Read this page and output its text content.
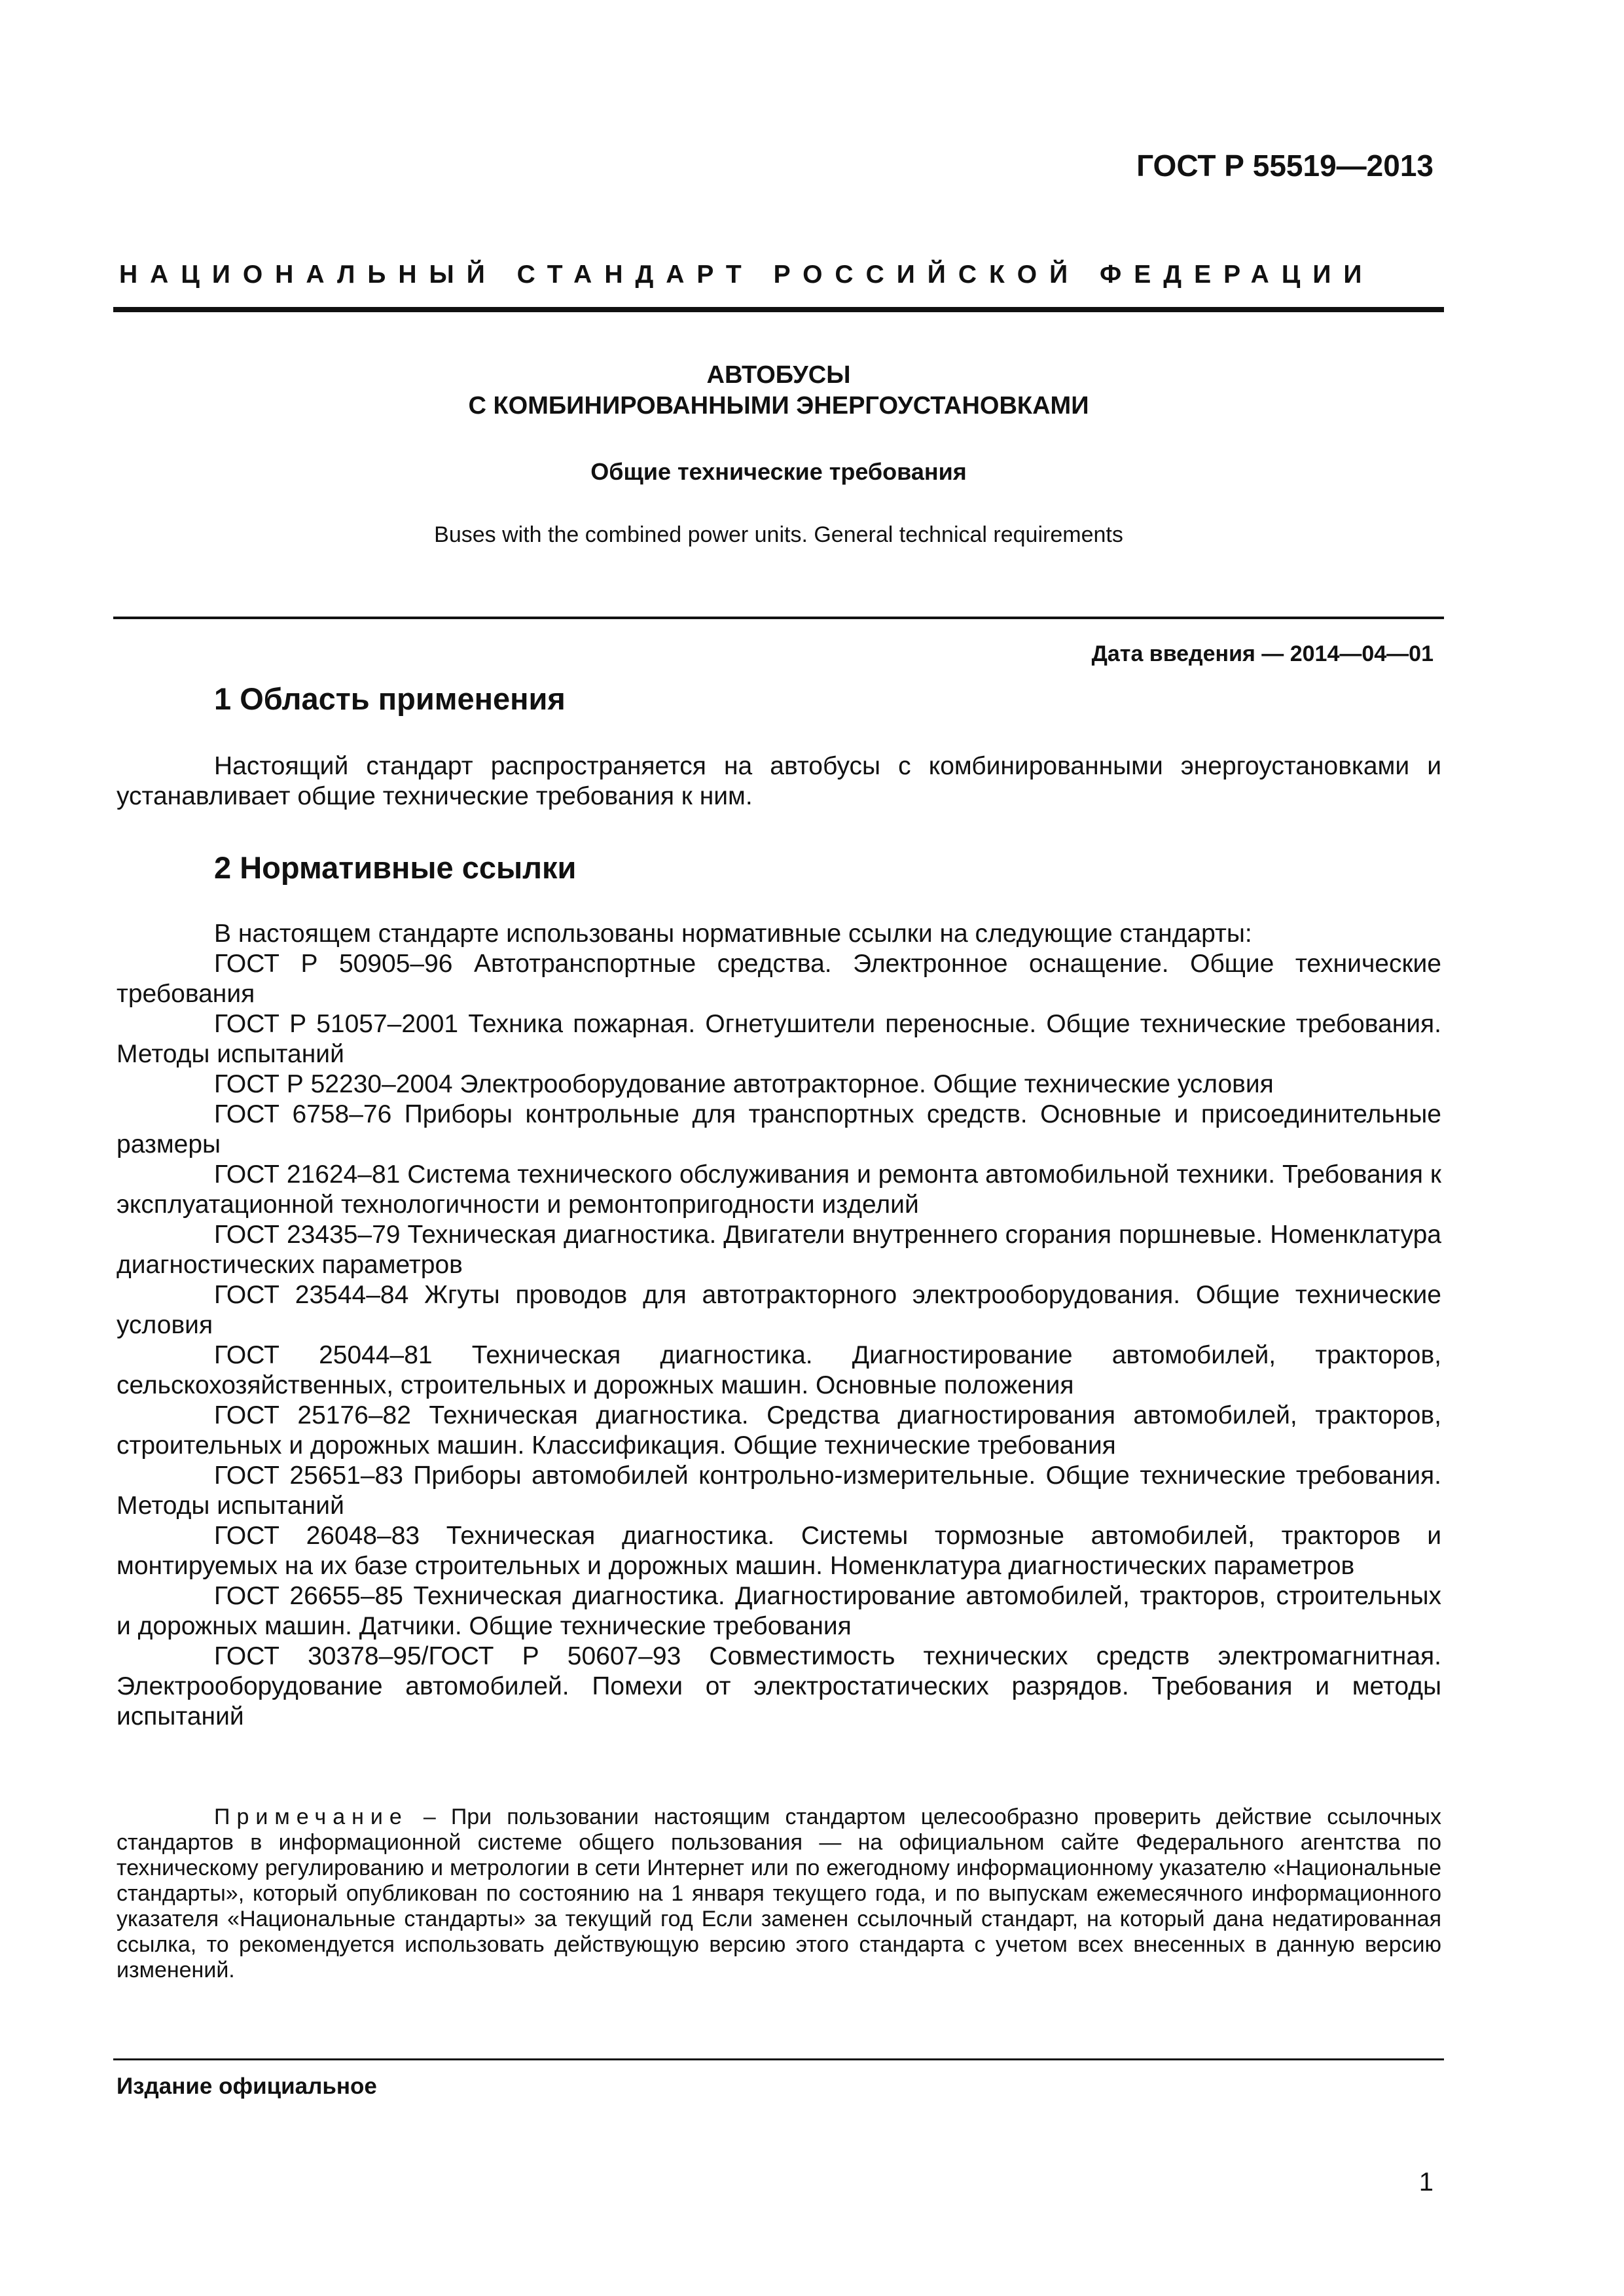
ГОСТ Р 55519—2013
НАЦИОНАЛЬНЫЙ СТАНДАРТ РОССИЙСКОЙ ФЕДЕРАЦИИ
АВТОБУСЫ
С КОМБИНИРОВАННЫМИ ЭНЕРГОУСТАНОВКАМИ
Общие технические требования
Buses with the combined power units. General technical requirements
Дата введения — 2014—04—01
1 Область применения

Настоящий стандарт распространяется на автобусы с комбинированными энергоустановками и устанавливает общие технические требования к ним.

2 Нормативные ссылки

В настоящем стандарте использованы нормативные ссылки на следующие стандарты:

ГОСТ Р 50905–96 Автотранспортные средства. Электронное оснащение. Общие технические требования

ГОСТ Р 51057–2001 Техника пожарная. Огнетушители переносные. Общие технические требования. Методы испытаний

ГОСТ Р 52230–2004 Электрооборудование автотракторное. Общие технические условия

ГОСТ 6758–76 Приборы контрольные для транспортных средств. Основные и присоединительные размеры

ГОСТ 21624–81 Система технического обслуживания и ремонта автомобильной техники. Требования к эксплуатационной технологичности и ремонтопригодности изделий

ГОСТ 23435–79 Техническая диагностика. Двигатели внутреннего сгорания поршневые. Номенклатура диагностических параметров

ГОСТ 23544–84 Жгуты проводов для автотракторного электрооборудования. Общие технические условия

ГОСТ 25044–81 Техническая диагностика. Диагностирование автомобилей, тракторов, сельскохозяйственных, строительных и дорожных машин. Основные положения

ГОСТ 25176–82 Техническая диагностика. Средства диагностирования автомобилей, тракторов, строительных и дорожных машин. Классификация. Общие технические требования

ГОСТ 25651–83 Приборы автомобилей контрольно-измерительные. Общие технические требования. Методы испытаний

ГОСТ 26048–83 Техническая диагностика. Системы тормозные автомобилей, тракторов и монтируемых на их базе строительных и дорожных машин. Номенклатура диагностических параметров

ГОСТ 26655–85 Техническая диагностика. Диагностирование автомобилей, тракторов, строительных и дорожных машин. Датчики. Общие технические требования

ГОСТ 30378–95/ГОСТ Р 50607–93 Совместимость технических средств электромагнитная. Электрооборудование автомобилей. Помехи от электростатических разрядов. Требования и методы испытаний

Примечание – При пользовании настоящим стандартом целесообразно проверить действие ссылочных стандартов в информационной системе общего пользования — на официальном сайте Федерального агентства по техническому регулированию и метрологии в сети Интернет или по ежегодному информационному указателю «Национальные стандарты», который опубликован по состоянию на 1 января текущего года, и по выпускам ежемесячного информационного указателя «Национальные стандарты» за текущий год Если заменен ссылочный стандарт, на который дана недатированная ссылка, то рекомендуется использовать действующую версию этого стандарта с учетом всех внесенных в данную версию изменений.
Издание официальное
1
